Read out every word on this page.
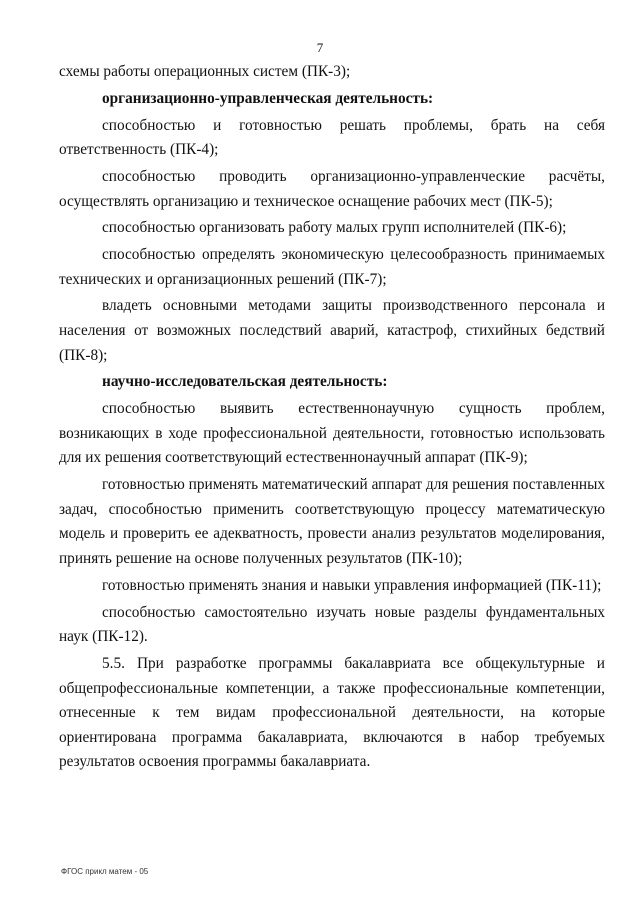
7

схемы работы операционных систем (ПК-3);

организационно-управленческая деятельность:

способностью и готовностью решать проблемы, брать на себя ответственность (ПК-4);

способностью проводить организационно-управленческие расчёты, осуществлять организацию и техническое оснащение рабочих мест (ПК-5);

способностью организовать работу малых групп исполнителей (ПК-6);

способностью определять экономическую целесообразность принимаемых технических и организационных решений (ПК-7);

владеть основными методами защиты производственного персонала и населения от возможных последствий аварий, катастроф, стихийных бедствий (ПК-8);

научно-исследовательская деятельность:

способностью выявить естественнонаучную сущность проблем, возникающих в ходе профессиональной деятельности, готовностью использовать для их решения соответствующий естественнонаучный аппарат (ПК-9);

готовностью применять математический аппарат для решения поставленных задач, способностью применить соответствующую процессу математическую модель и проверить ее адекватность, провести анализ результатов моделирования, принять решение на основе полученных результатов (ПК-10);

готовностью применять знания и навыки управления информацией (ПК-11);

способностью самостоятельно изучать новые разделы фундаментальных наук (ПК-12).

5.5. При разработке программы бакалавриата все общекультурные и общепрофессиональные компетенции, а также профессиональные компетенции, отнесенные к тем видам профессиональной деятельности, на которые ориентирована программа бакалавриата, включаются в набор требуемых результатов освоения программы бакалавриата.

ФГОС прикл матем - 05
